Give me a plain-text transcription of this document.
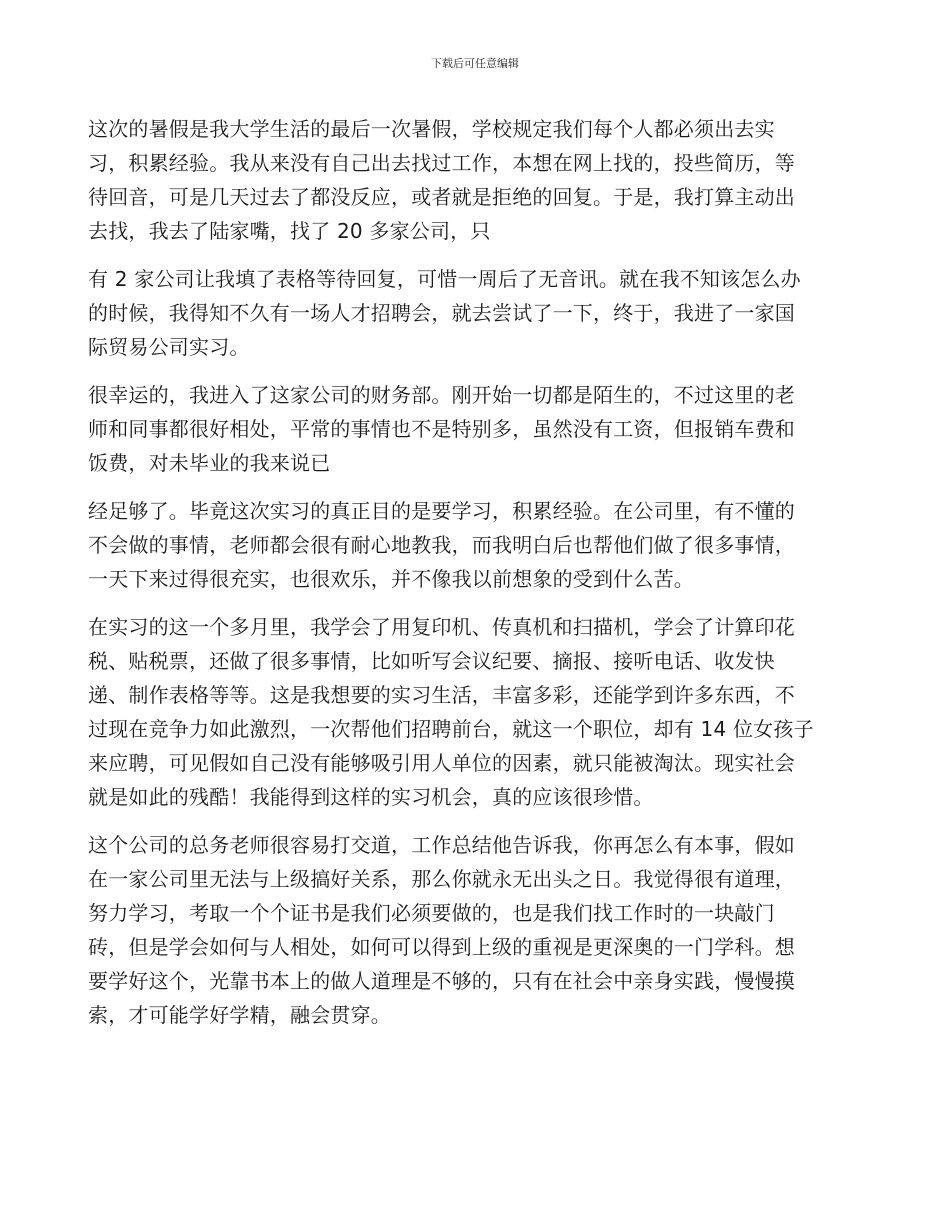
下载后可任意编辑

这次的暑假是我大学生活的最后一次暑假，学校规定我们每个人都必须出去实
习，积累经验。我从来没有自己出去找过工作，本想在网上找的，投些简历，等
待回音，可是几天过去了都没反应，或者就是拒绝的回复。于是，我打算主动出
去找，我去了陆家嘴，找了 20 多家公司，只

有 2 家公司让我填了表格等待回复，可惜一周后了无音讯。就在我不知该怎么办
的时候，我得知不久有一场人才招聘会，就去尝试了一下，终于，我进了一家国
际贸易公司实习。

很幸运的，我进入了这家公司的财务部。刚开始一切都是陌生的，不过这里的老
师和同事都很好相处，平常的事情也不是特别多，虽然没有工资，但报销车费和
饭费，对未毕业的我来说已

经足够了。毕竟这次实习的真正目的是要学习，积累经验。在公司里，有不懂的
不会做的事情，老师都会很有耐心地教我，而我明白后也帮他们做了很多事情，
一天下来过得很充实，也很欢乐，并不像我以前想象的受到什么苦。

在实习的这一个多月里，我学会了用复印机、传真机和扫描机，学会了计算印花
税、贴税票，还做了很多事情，比如听写会议纪要、摘报、接听电话、收发快
递、制作表格等等。这是我想要的实习生活，丰富多彩，还能学到许多东西，不
过现在竞争力如此激烈，一次帮他们招聘前台，就这一个职位，却有 14 位女孩子
来应聘，可见假如自己没有能够吸引用人单位的因素，就只能被淘汰。现实社会
就是如此的残酷！我能得到这样的实习机会，真的应该很珍惜。

这个公司的总务老师很容易打交道，工作总结他告诉我，你再怎么有本事，假如
在一家公司里无法与上级搞好关系，那么你就永无出头之日。我觉得很有道理，
努力学习，考取一个个证书是我们必须要做的，也是我们找工作时的一块敲门
砖，但是学会如何与人相处，如何可以得到上级的重视是更深奥的一门学科。想
要学好这个，光靠书本上的做人道理是不够的，只有在社会中亲身实践，慢慢摸
索，才可能学好学精，融会贯穿。
